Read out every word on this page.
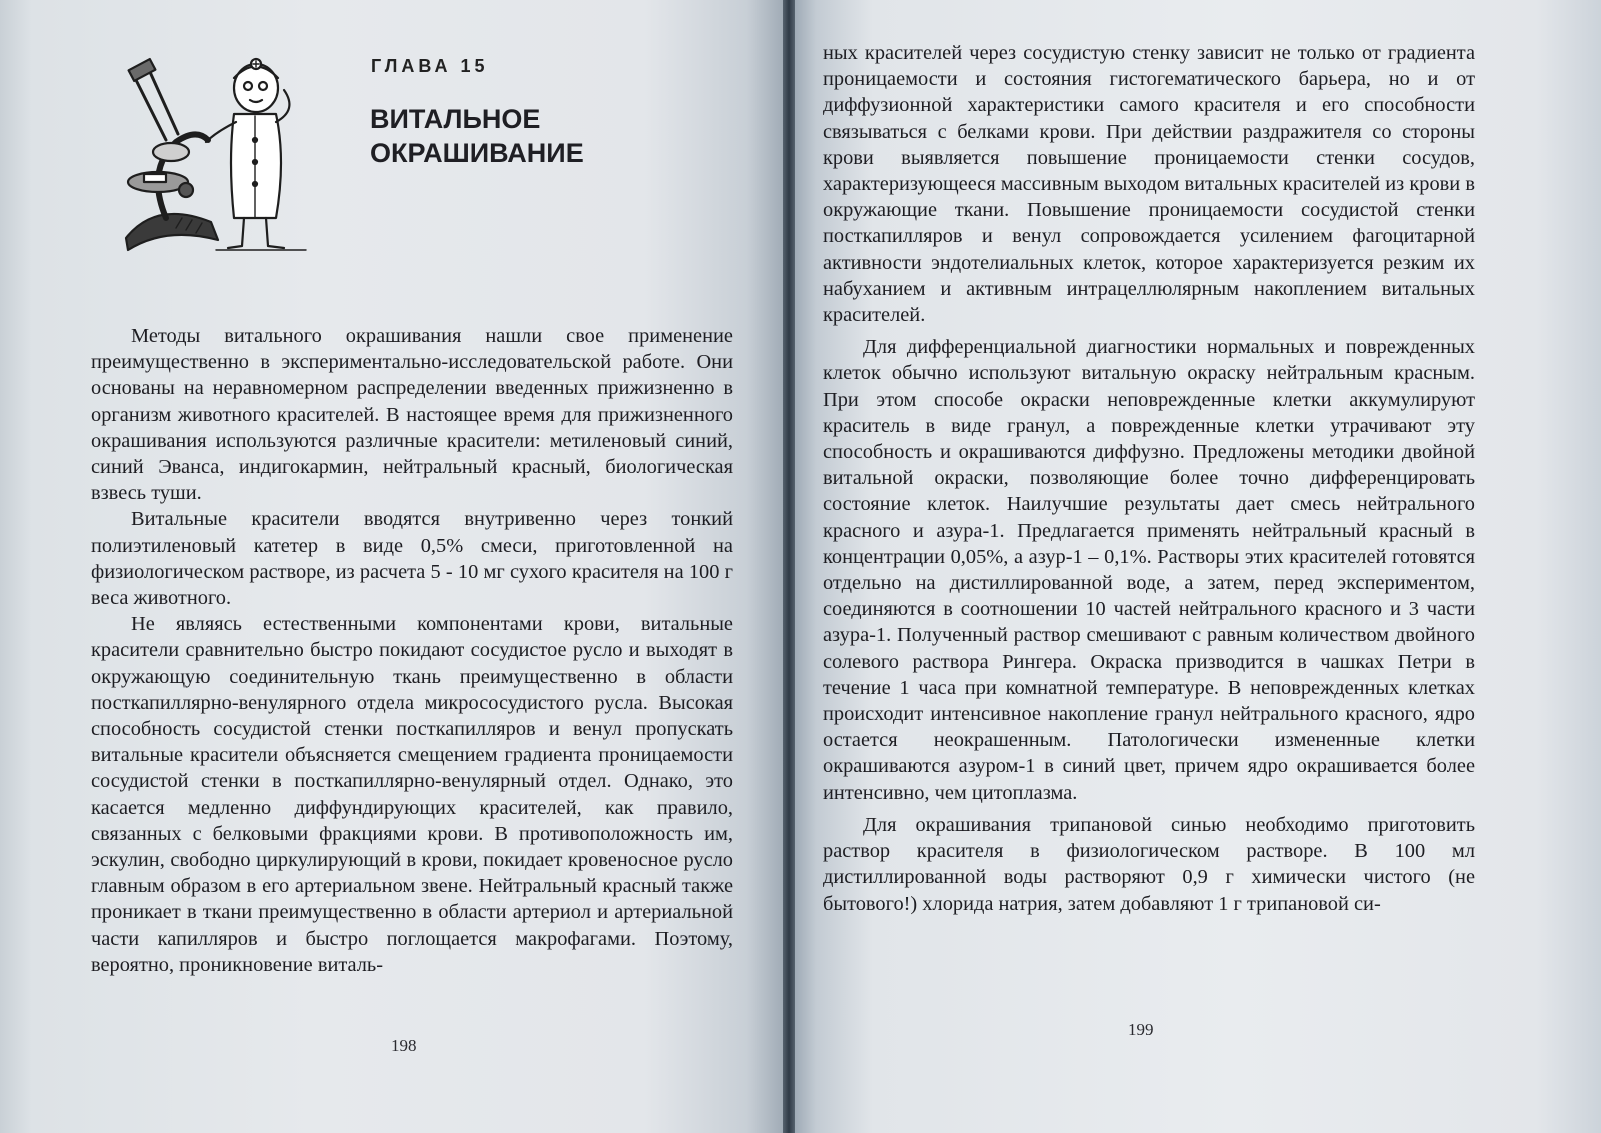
ГЛАВА 15
ВИТАЛЬНОЕ ОКРАШИВАНИЕ

Методы витального окрашивания нашли свое применение преимущественно в экспериментально-исследовательской работе. Они основаны на неравномерном распределении введенных прижизненно в организм животного красителей. В настоящее время для прижизненного окрашивания используются различные красители: метиленовый синий, синий Эванса, индигокармин, нейтральный красный, биологическая взвесь туши.

Витальные красители вводятся внутривенно через тонкий полиэтиленовый катетер в виде 0,5% смеси, приготовленной на физиологическом растворе, из расчета 5 - 10 мг сухого красителя на 100 г веса животного.

Не являясь естественными компонентами крови, витальные красители сравнительно быстро покидают сосудистое русло и выходят в окружающую соединительную ткань преимущественно в области посткапиллярно-венулярного отдела микрососудистого русла. Высокая способность сосудистой стенки посткапилляров и венул пропускать витальные красители объясняется смещением градиента проницаемости сосудистой стенки в посткапиллярно-венулярный отдел. Однако, это касается медленно диффундирующих красителей, как правило, связанных с белковыми фракциями крови. В противоположность им, эскулин, свободно циркулирующий в крови, покидает кровеносное русло главным образом в его артериальном звене. Нейтральный красный также проникает в ткани преимущественно в области артериол и артериальной части капилляров и быстро поглощается макрофагами. Поэтому, вероятно, проникновение виталь-

198

ных красителей через сосудистую стенку зависит не только от градиента проницаемости и состояния гистогематического барьера, но и от диффузионной характеристики самого красителя и его способности связываться с белками крови. При действии раздражителя со стороны крови выявляется повышение проницаемости стенки сосудов, характеризующееся массивным выходом витальных красителей из крови в окружающие ткани. Повышение проницаемости сосудистой стенки посткапилляров и венул сопровождается усилением фагоцитарной активности эндотелиальных клеток, которое характеризуется резким их набуханием и активным интрацеллюлярным накоплением витальных красителей.

Для дифференциальной диагностики нормальных и поврежденных клеток обычно используют витальную окраску нейтральным красным. При этом способе окраски неповрежденные клетки аккумулируют краситель в виде гранул, а поврежденные клетки утрачивают эту способность и окрашиваются диффузно. Предложены методики двойной витальной окраски, позволяющие более точно дифференцировать состояние клеток. Наилучшие результаты дает смесь нейтрального красного и азура-1. Предлагается применять нейтральный красный в концентрации 0,05%, а азур-1 – 0,1%. Растворы этих красителей готовятся отдельно на дистиллированной воде, а затем, перед экспериментом, соединяются в соотношении 10 частей нейтрального красного и 3 части азура-1. Полученный раствор смешивают с равным количеством двойного солевого раствора Рингера. Окраска призводится в чашках Петри в течение 1 часа при комнатной температуре. В неповрежденных клетках происходит интенсивное накопление гранул нейтрального красного, ядро остается неокрашенным. Патологически измененные клетки окрашиваются азуром-1 в синий цвет, причем ядро окрашивается более интенсивно, чем цитоплазма.

Для окрашивания трипановой синью необходимо приготовить раствор красителя в физиологическом растворе. В 100 мл дистиллированной воды растворяют 0,9 г химически чистого (не бытового!) хлорида натрия, затем добавляют 1 г трипановой си-

199
